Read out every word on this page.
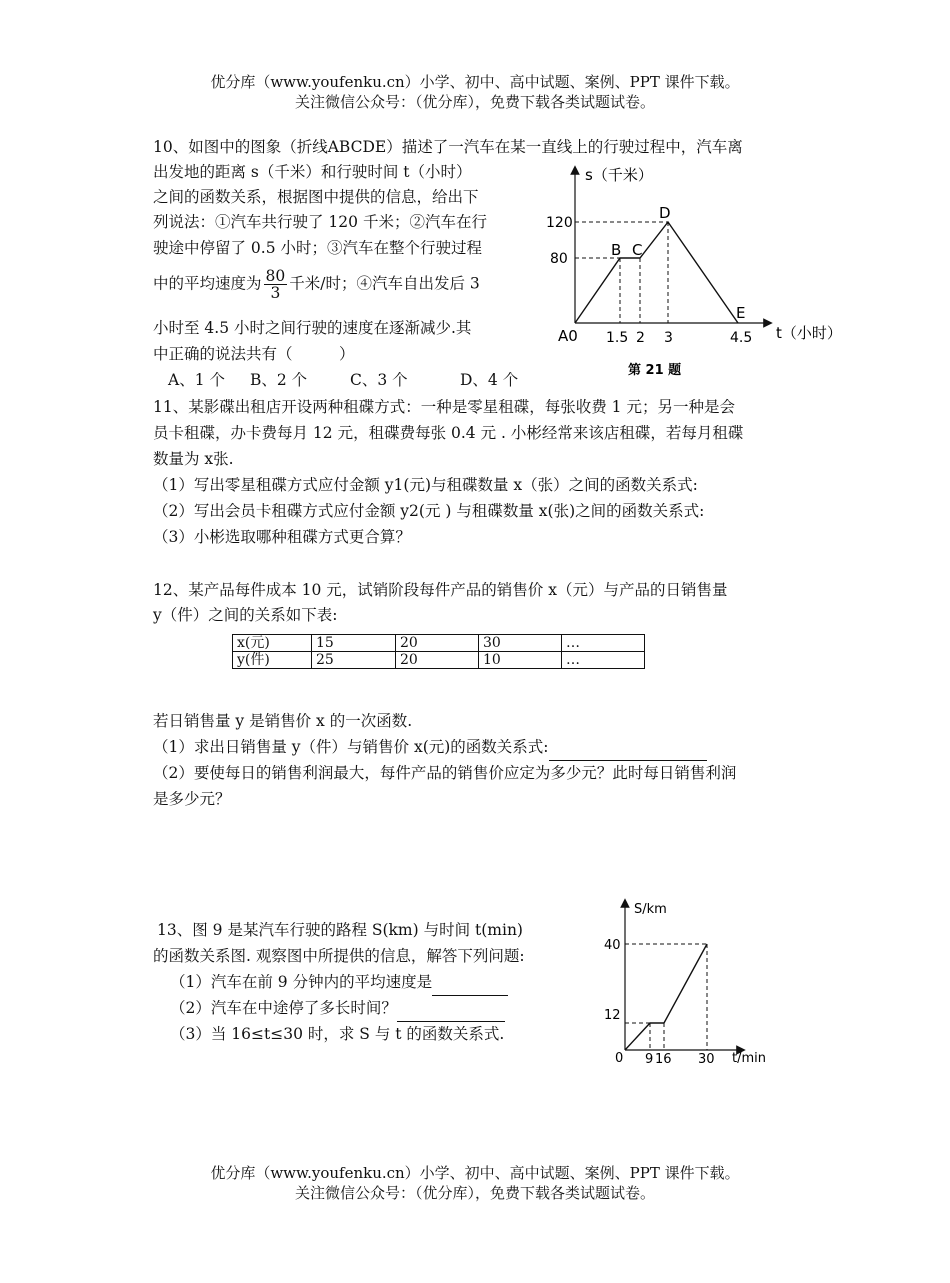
优分库（www.youfenku.cn）小学、初中、高中试题、案例、PPT 课件下载。
关注微信公众号：（优分库），免费下载各类试题试卷。
10、如图中的图象（折线ABCDE）描述了一汽车在某一直线上的行驶过程中，汽车离
出发地的距离 s（千米）和行驶时间 t（小时）
之间的函数关系，根据图中提供的信息，给出下
列说法：①汽车共行驶了 120 千米；②汽车在行
驶途中停留了 0.5 小时；③汽车在整个行驶过程
中的平均速度为 $\frac{80}{3}$ 千米/时；④汽车自出发后 3
小时至 4.5 小时之间行驶的速度在逐渐减少.其
中正确的说法共有（　　　）
A、1 个 B、2 个	C、3 个	D、4 个
s（千米）
t（小时）
120
80
A0 1.5 2 3	4.5
B C
D
E
第 21 题
11、某影碟出租店开设两种租碟方式：一种是零星租碟，每张收费 1 元；另一种是会
员卡租碟，办卡费每月 12 元，租碟费每张 0.4 元 . 小彬经常来该店租碟，若每月租碟
数量为 x张.
（1）写出零星租碟方式应付金额 y1(元)与租碟数量 x（张）之间的函数关系式:
（2）写出会员卡租碟方式应付金额 y2(元 ) 与租碟数量 x(张)之间的函数关系式:
（3）小彬选取哪种租碟方式更合算？
12、某产品每件成本 10 元，试销阶段每件产品的销售价 x（元）与产品的日销售量
y（件）之间的关系如下表:
x(元)	15	20	30	…
y(件)	25	20	10	…
若日销售量 y 是销售价 x 的一次函数.
（1）求出日销售量 y（件）与销售价 x(元)的函数关系式:
（2）要使每日的销售利润最大，每件产品的销售价应定为多少元？此时每日销售利润
是多少元？
13、图 9 是某汽车行驶的路程 S(km) 与时间 t(min)
的函数关系图. 观察图中所提供的信息，解答下列问题:
（1）汽车在前 9 分钟内的平均速度是
（2）汽车在中途停了多长时间？
（3）当 16≤t≤30 时，求 S 与 t 的函数关系式.
S/km
t/min
40
12
0 9 16 30
优分库（www.youfenku.cn）小学、初中、高中试题、案例、PPT 课件下载。
关注微信公众号：（优分库），免费下载各类试题试卷。
